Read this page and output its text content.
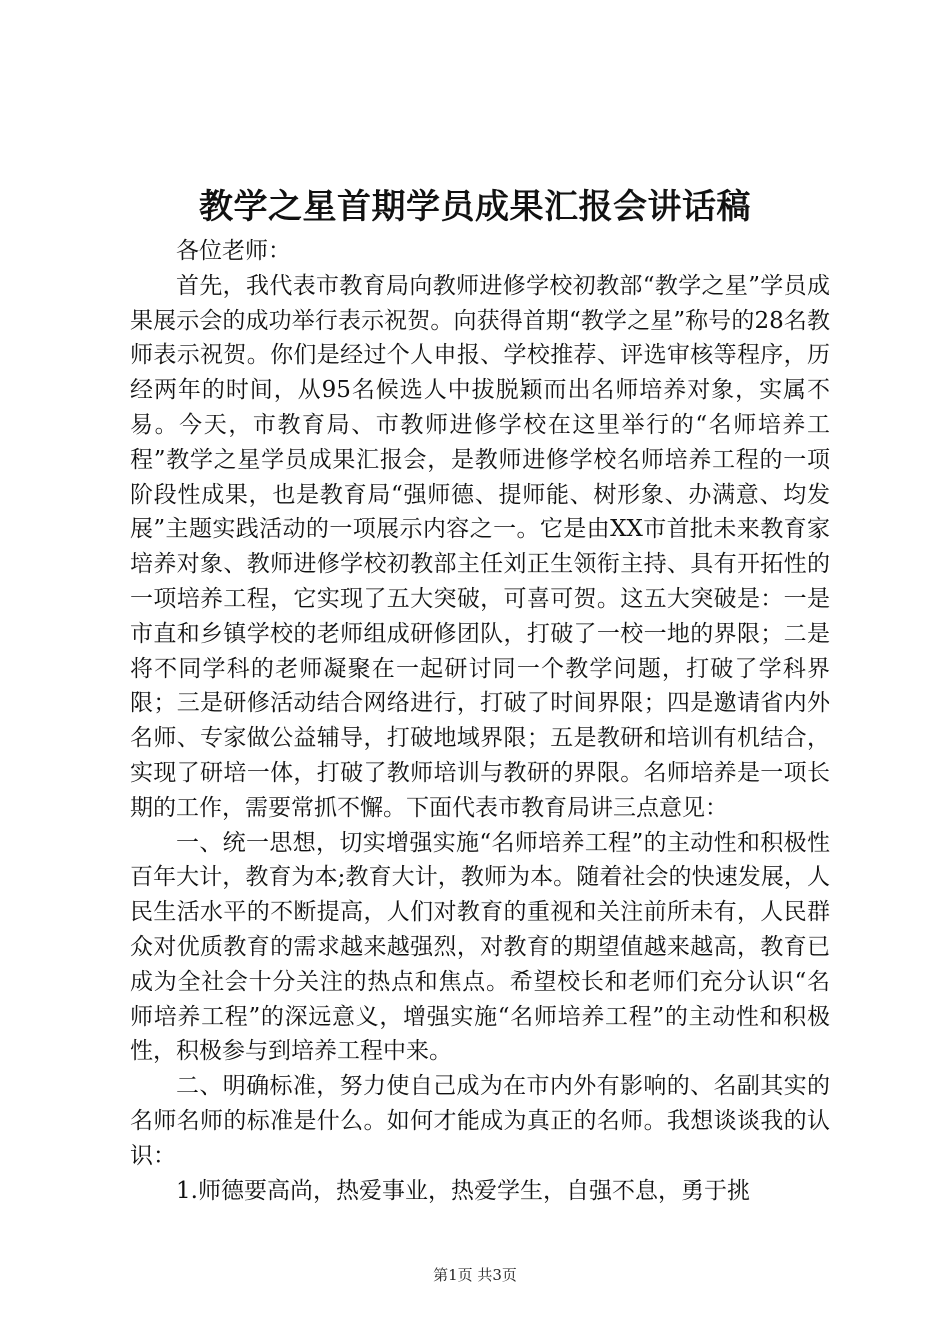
教学之星首期学员成果汇报会讲话稿

各位老师：

首先，我代表市教育局向教师进修学校初教部“教学之星”学员成果展示会的成功举行表示祝贺。向获得首期“教学之星”称号的28名教师表示祝贺。你们是经过个人申报、学校推荐、评选审核等程序，历经两年的时间，从95名候选人中拔脱颖而出名师培养对象，实属不易。今天，市教育局、市教师进修学校在这里举行的“名师培养工程”教学之星学员成果汇报会，是教师进修学校名师培养工程的一项阶段性成果，也是教育局“强师德、提师能、树形象、办满意、均发展”主题实践活动的一项展示内容之一。它是由XX市首批未来教育家培养对象、教师进修学校初教部主任刘正生领衔主持、具有开拓性的一项培养工程，它实现了五大突破，可喜可贺。这五大突破是：一是市直和乡镇学校的老师组成研修团队，打破了一校一地的界限；二是将不同学科的老师凝聚在一起研讨同一个教学问题，打破了学科界限；三是研修活动结合网络进行，打破了时间界限；四是邀请省内外名师、专家做公益辅导，打破地域界限；五是教研和培训有机结合，实现了研培一体，打破了教师培训与教研的界限。名师培养是一项长期的工作，需要常抓不懈。下面代表市教育局讲三点意见：

一、统一思想，切实增强实施“名师培养工程”的主动性和积极性百年大计，教育为本;教育大计，教师为本。随着社会的快速发展，人民生活水平的不断提高，人们对教育的重视和关注前所未有，人民群众对优质教育的需求越来越强烈，对教育的期望值越来越高，教育已成为全社会十分关注的热点和焦点。希望校长和老师们充分认识“名师培养工程”的深远意义，增强实施“名师培养工程”的主动性和积极性，积极参与到培养工程中来。

二、明确标准，努力使自己成为在市内外有影响的、名副其实的名师名师的标准是什么。如何才能成为真正的名师。我想谈谈我的认识：

1.师德要高尚，热爱事业，热爱学生，自强不息，勇于挑

第1页 共3页
